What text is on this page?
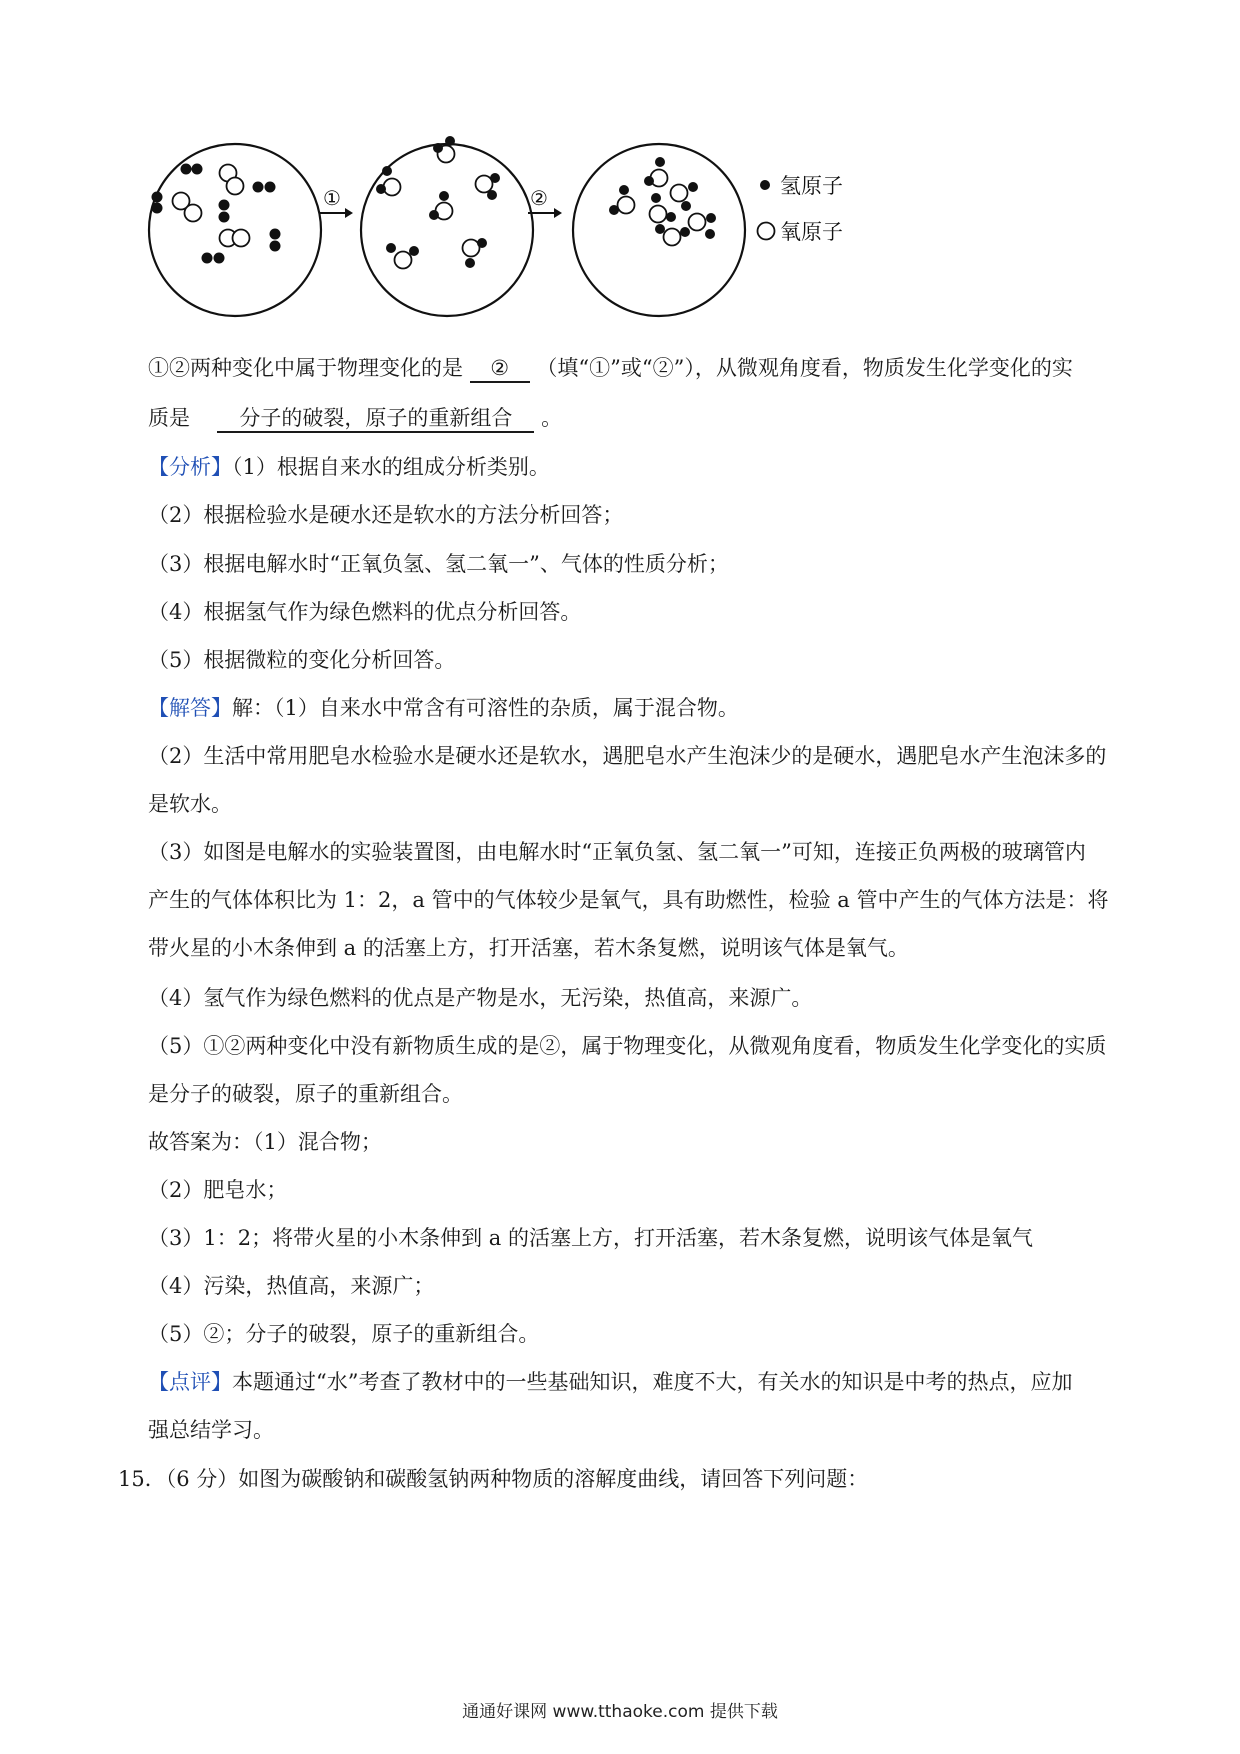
①	②	氢原子
氧原子
①②两种变化中属于物理变化的是 ② （填“①”或“②”），从微观角度看，物质发生化学变化的实
质是 分子的破裂，原子的重新组合 。
【分析】（1）根据自来水的组成分析类别。
（2）根据检验水是硬水还是软水的方法分析回答；
（3）根据电解水时“正氧负氢、氢二氧一”、气体的性质分析；
（4）根据氢气作为绿色燃料的优点分析回答。
（5）根据微粒的变化分析回答。
【解答】解：（1）自来水中常含有可溶性的杂质，属于混合物。
（2）生活中常用肥皂水检验水是硬水还是软水，遇肥皂水产生泡沫少的是硬水，遇肥皂水产生泡沫多的
是软水。
（3）如图是电解水的实验装置图，由电解水时“正氧负氢、氢二氧一”可知，连接正负两极的玻璃管内
产生的气体体积比为 1：2，a 管中的气体较少是氧气，具有助燃性，检验 a 管中产生的气体方法是：将
带火星的小木条伸到 a 的活塞上方，打开活塞，若木条复燃，说明该气体是氧气。
（4）氢气作为绿色燃料的优点是产物是水，无污染，热值高，来源广。
（5）①②两种变化中没有新物质生成的是②，属于物理变化，从微观角度看，物质发生化学变化的实质
是分子的破裂，原子的重新组合。
故答案为：（1）混合物；
（2）肥皂水；
（3）1：2；将带火星的小木条伸到 a 的活塞上方，打开活塞，若木条复燃，说明该气体是氧气
（4）污染，热值高，来源广；
（5）②；分子的破裂，原子的重新组合。
【点评】本题通过“水”考查了教材中的一些基础知识，难度不大，有关水的知识是中考的热点，应加
强总结学习。
15．（6 分）如图为碳酸钠和碳酸氢钠两种物质的溶解度曲线，请回答下列问题：
通通好课网 www.tthaoke.com 提供下载
